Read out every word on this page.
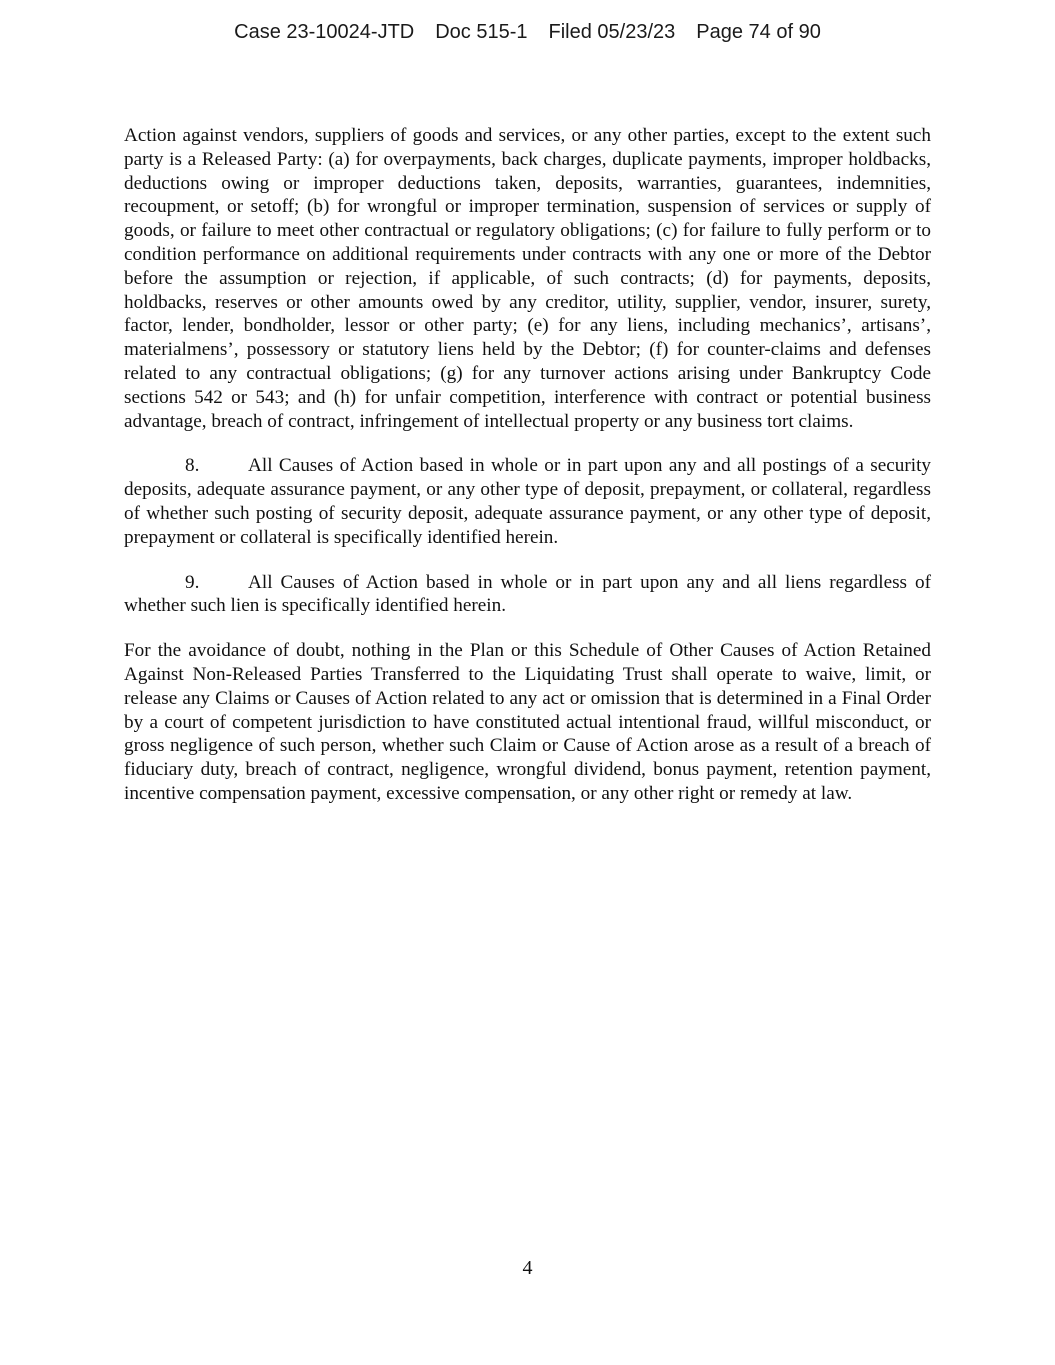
Case 23-10024-JTD Doc 515-1 Filed 05/23/23 Page 74 of 90

Action against vendors, suppliers of goods and services, or any other parties, except to the extent such party is a Released Party: (a) for overpayments, back charges, duplicate payments, improper holdbacks, deductions owing or improper deductions taken, deposits, warranties, guarantees, indemnities, recoupment, or setoff; (b) for wrongful or improper termination, suspension of services or supply of goods, or failure to meet other contractual or regulatory obligations; (c) for failure to fully perform or to condition performance on additional requirements under contracts with any one or more of the Debtor before the assumption or rejection, if applicable, of such contracts; (d) for payments, deposits, holdbacks, reserves or other amounts owed by any creditor, utility, supplier, vendor, insurer, surety, factor, lender, bondholder, lessor or other party; (e) for any liens, including mechanics’, artisans’, materialmens’, possessory or statutory liens held by the Debtor; (f) for counter-claims and defenses related to any contractual obligations; (g) for any turnover actions arising under Bankruptcy Code sections 542 or 543; and (h) for unfair competition, interference with contract or potential business advantage, breach of contract, infringement of intellectual property or any business tort claims.

8.	All Causes of Action based in whole or in part upon any and all postings of a security deposits, adequate assurance payment, or any other type of deposit, prepayment, or collateral, regardless of whether such posting of security deposit, adequate assurance payment, or any other type of deposit, prepayment or collateral is specifically identified herein.

9.	All Causes of Action based in whole or in part upon any and all liens regardless of whether such lien is specifically identified herein.

For the avoidance of doubt, nothing in the Plan or this Schedule of Other Causes of Action Retained Against Non-Released Parties Transferred to the Liquidating Trust shall operate to waive, limit, or release any Claims or Causes of Action related to any act or omission that is determined in a Final Order by a court of competent jurisdiction to have constituted actual intentional fraud, willful misconduct, or gross negligence of such person, whether such Claim or Cause of Action arose as a result of a breach of fiduciary duty, breach of contract, negligence, wrongful dividend, bonus payment, retention payment, incentive compensation payment, excessive compensation, or any other right or remedy at law.

4
